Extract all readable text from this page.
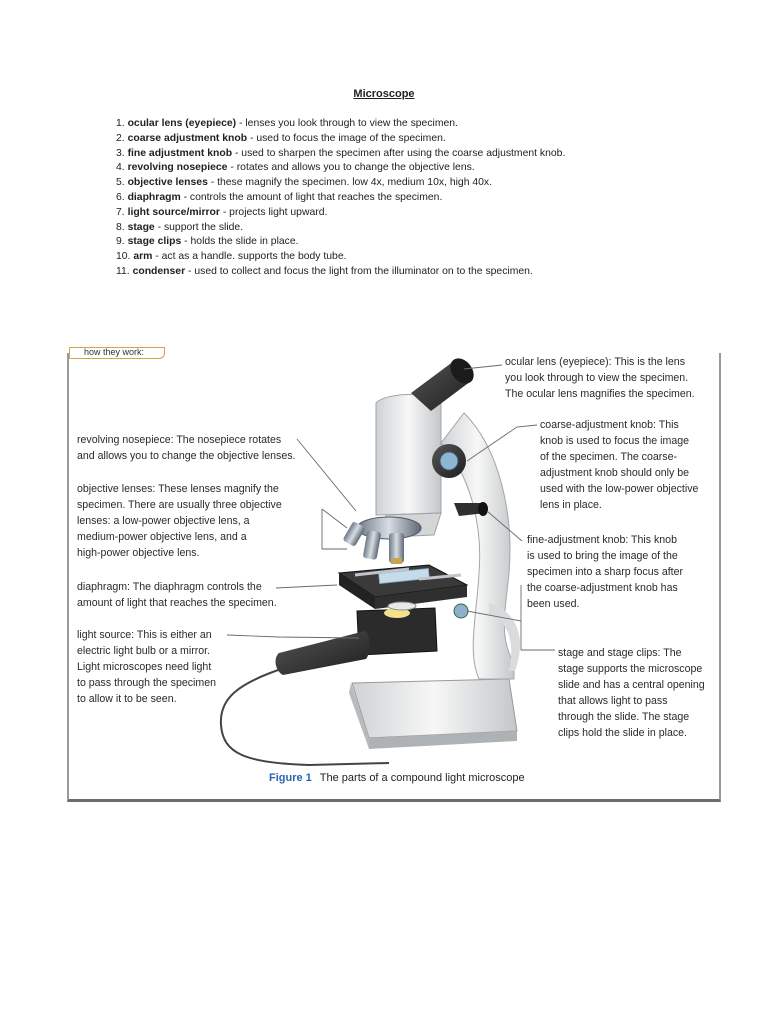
Microscope
1. ocular lens (eyepiece) - lenses you look through to view the specimen.
2. coarse adjustment knob - used to focus the image of the specimen.
3. fine adjustment knob - used to sharpen the specimen after using the coarse adjustment knob.
4. revolving nosepiece - rotates and allows you to change the objective lens.
5. objective lenses - these magnify the specimen. low 4x, medium 10x, high 40x.
6. diaphragm - controls the amount of light that reaches the specimen.
7. light source/mirror - projects light upward.
8. stage - support the slide.
9. stage clips - holds the slide in place.
10. arm - act as a handle. supports the body tube.
11. condenser - used to collect and focus the light from the illuminator on to the specimen.
how they work:
ocular lens (eyepiece): This is the lens
you look through to view the specimen.
The ocular lens magnifies the specimen.
revolving nosepiece: The nosepiece rotates
and allows you to change the objective lenses.
objective lenses: These lenses magnify the
specimen. There are usually three objective
lenses: a low-power objective lens, a
medium-power objective lens, and a
high-power objective lens.
diaphragm: The diaphragm controls the
amount of light that reaches the specimen.
light source: This is either an
electric light bulb or a mirror.
Light microscopes need light
to pass through the specimen
to allow it to be seen.
coarse-adjustment knob: This
knob is used to focus the image
of the specimen. The coarse-
adjustment knob should only be
used with the low-power objective
lens in place.
fine-adjustment knob: This knob
is used to bring the image of the
specimen into a sharp focus after
the coarse-adjustment knob has
been used.
stage and stage clips: The
stage supports the microscope
slide and has a central opening
that allows light to pass
through the slide. The stage
clips hold the slide in place.
Figure 1 The parts of a compound light microscope
